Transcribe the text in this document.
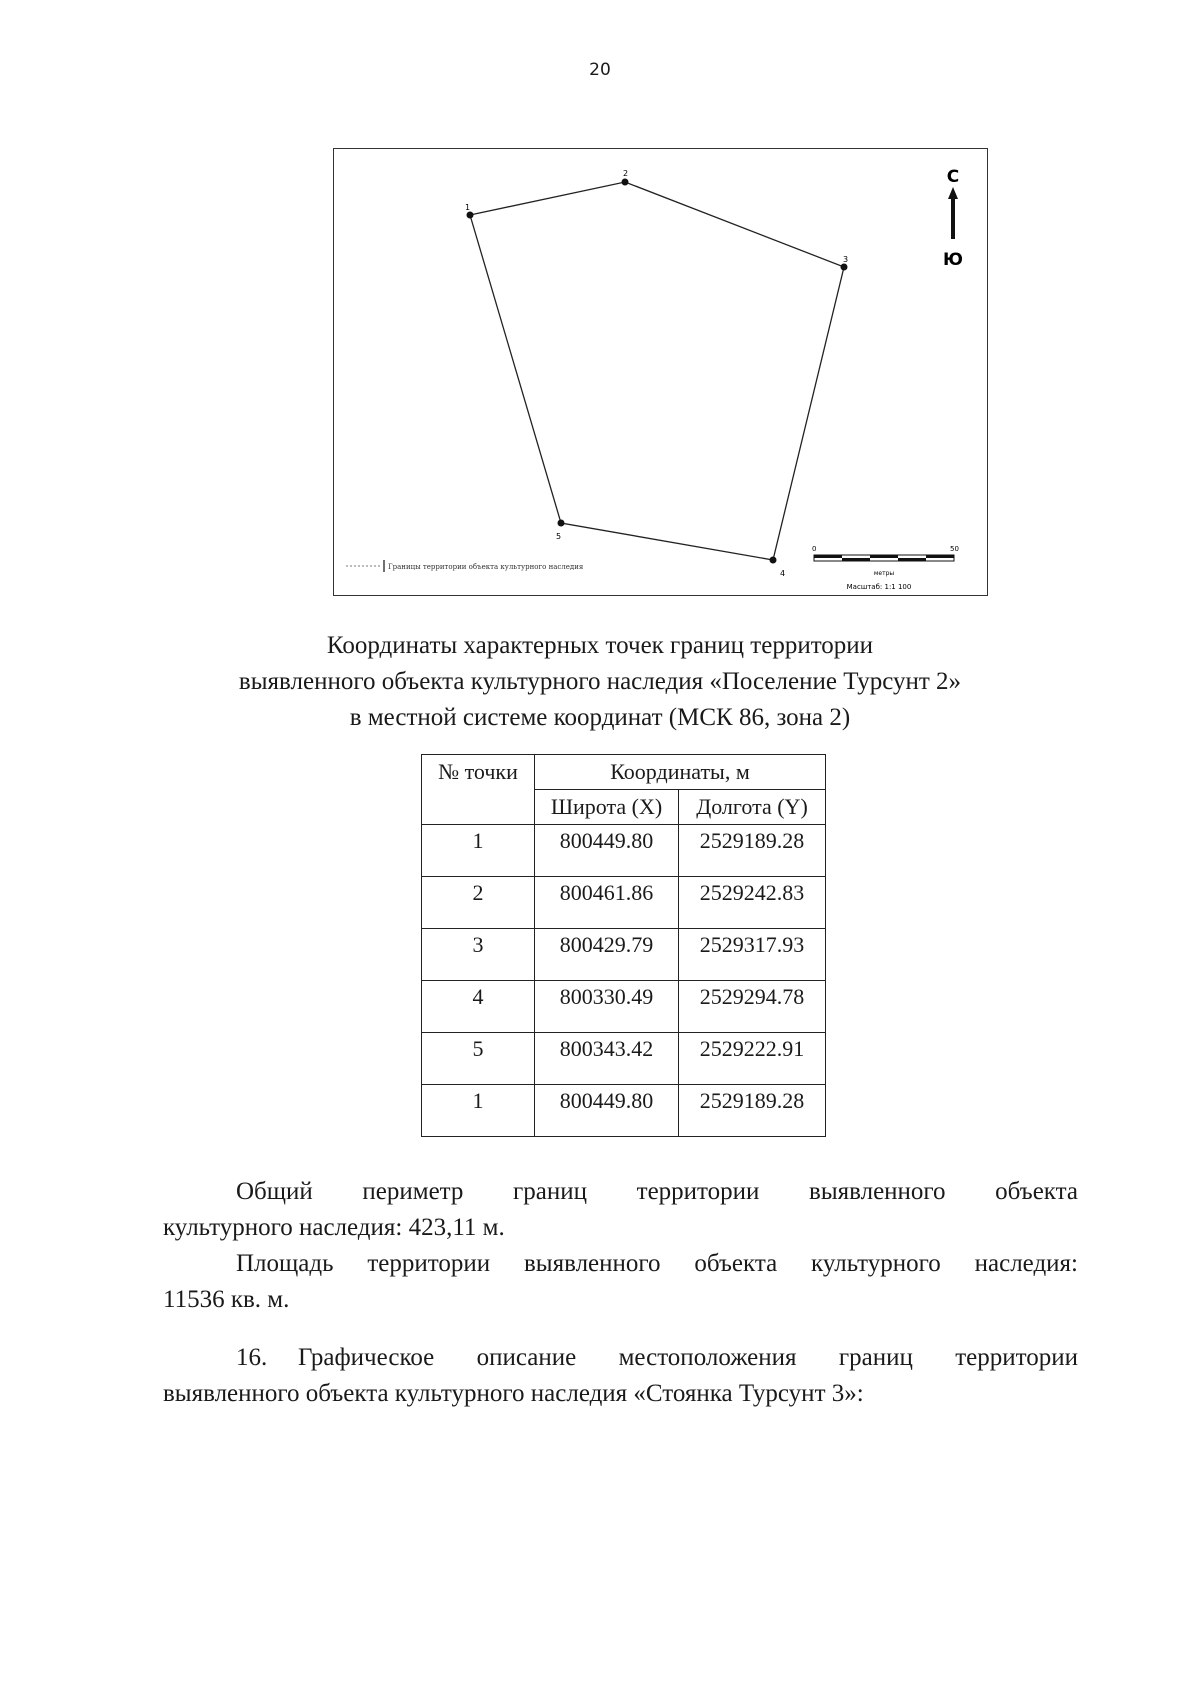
20
1
2
3
4
5
С
Ю
0	50
метры
Масштаб: 1:1 100
Границы территории объекта культурного наследия
Координаты характерных точек границ территории
выявленного объекта культурного наследия «Поселение Турсунт 2»
в местной системе координат (МСК 86, зона 2)
№ точки	Координаты, м	
	Широта (X)	Долгота (Y)
1	800449.80	2529189.28
2	800461.86	2529242.83
3	800429.79	2529317.93
4	800330.49	2529294.78
5	800343.42	2529222.91
1	800449.80	2529189.28
Общий периметр границ территории выявленного объекта
культурного наследия: 423,11 м.
Площадь территории выявленного объекта культурного наследия:
11536 кв. м.
16.	Графическое описание местоположения границ территории
выявленного объекта культурного наследия «Стоянка Турсунт 3»:
